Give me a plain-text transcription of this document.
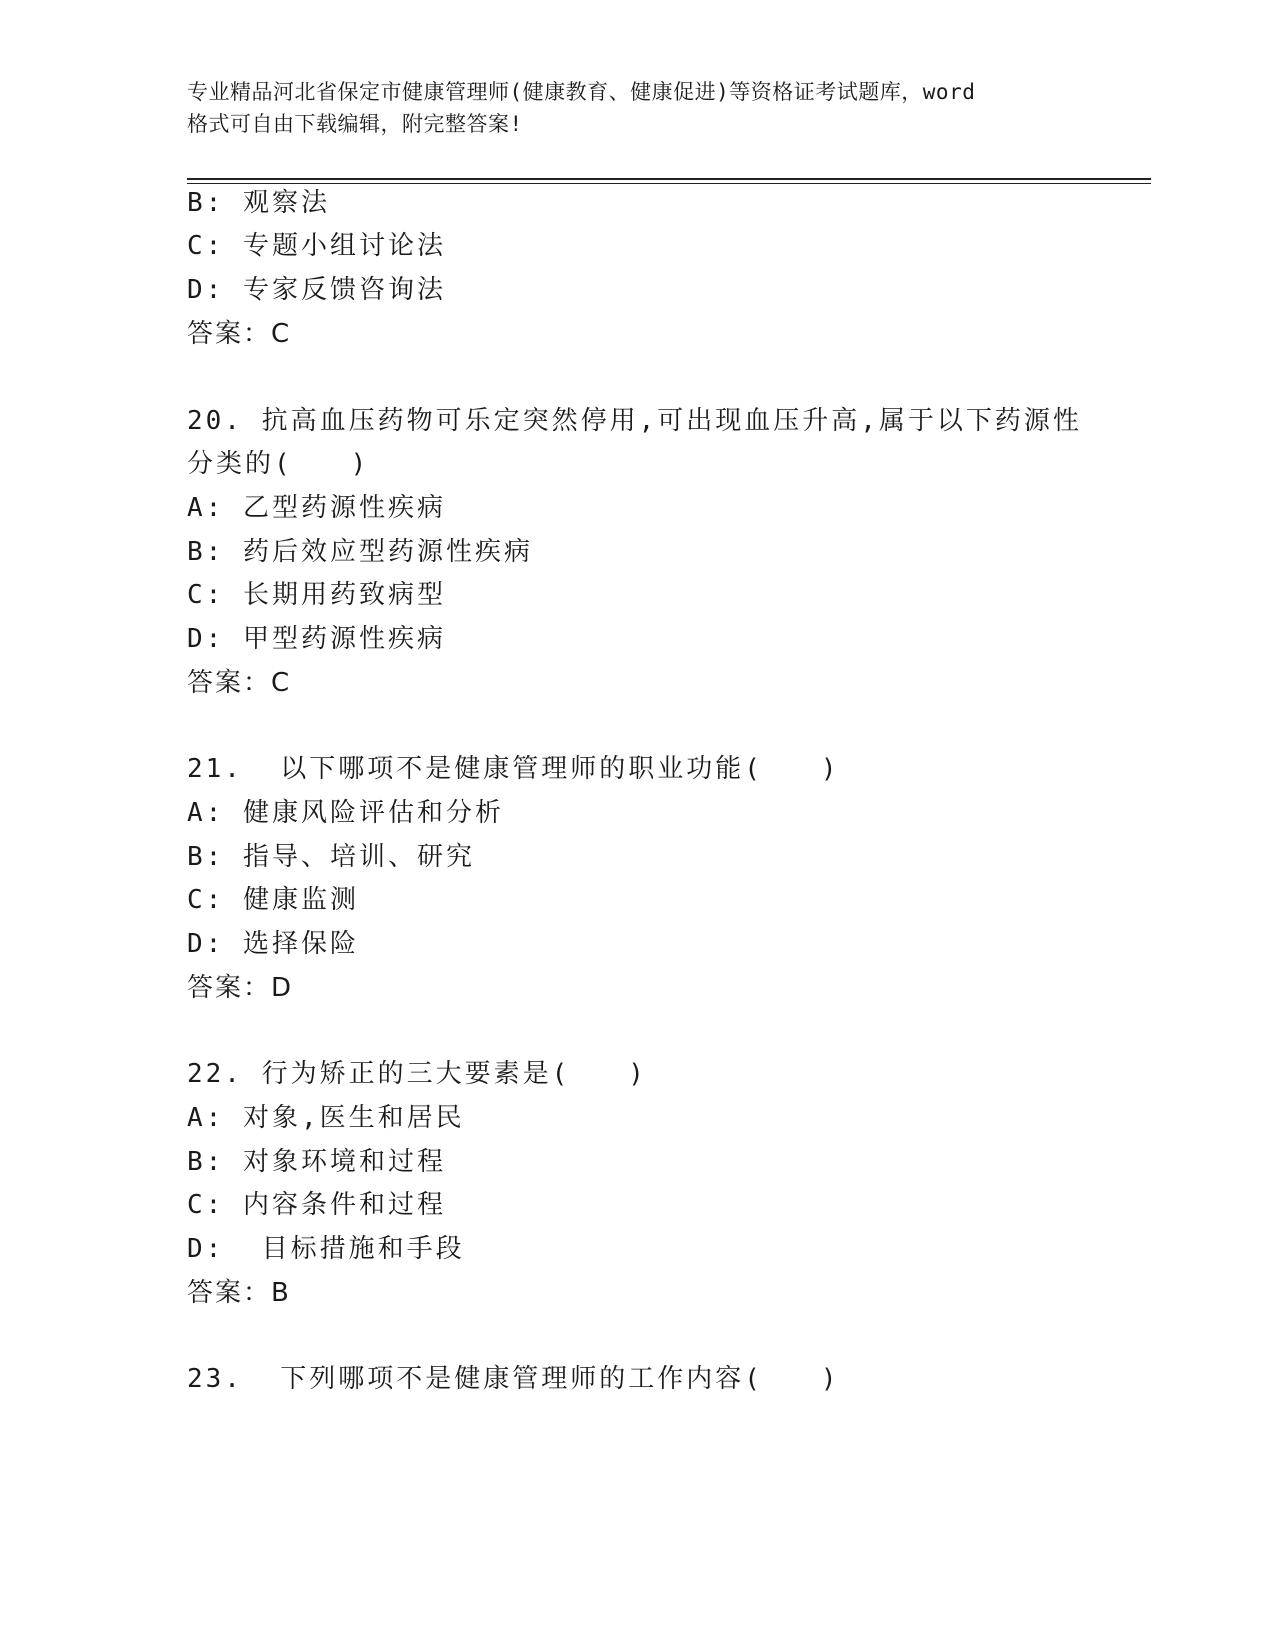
专业精品河北省保定市健康管理师(健康教育、健康促进)等资格证考试题库，word
格式可自由下载编辑，附完整答案!
B: 观察法
C: 专题小组讨论法
D: 专家反馈咨询法
答案：C
20. 抗高血压药物可乐定突然停用,可出现血压升高,属于以下药源性
分类的(　　)
A: 乙型药源性疾病
B: 药后效应型药源性疾病
C: 长期用药致病型
D: 甲型药源性疾病
答案：C
21.  以下哪项不是健康管理师的职业功能(　　)
A: 健康风险评估和分析
B: 指导、培训、研究
C: 健康监测
D: 选择保险
答案：D
22. 行为矫正的三大要素是(　　)
A: 对象,医生和居民
B: 对象环境和过程
C: 内容条件和过程
D:  目标措施和手段
答案：B
23.  下列哪项不是健康管理师的工作内容(　　)
